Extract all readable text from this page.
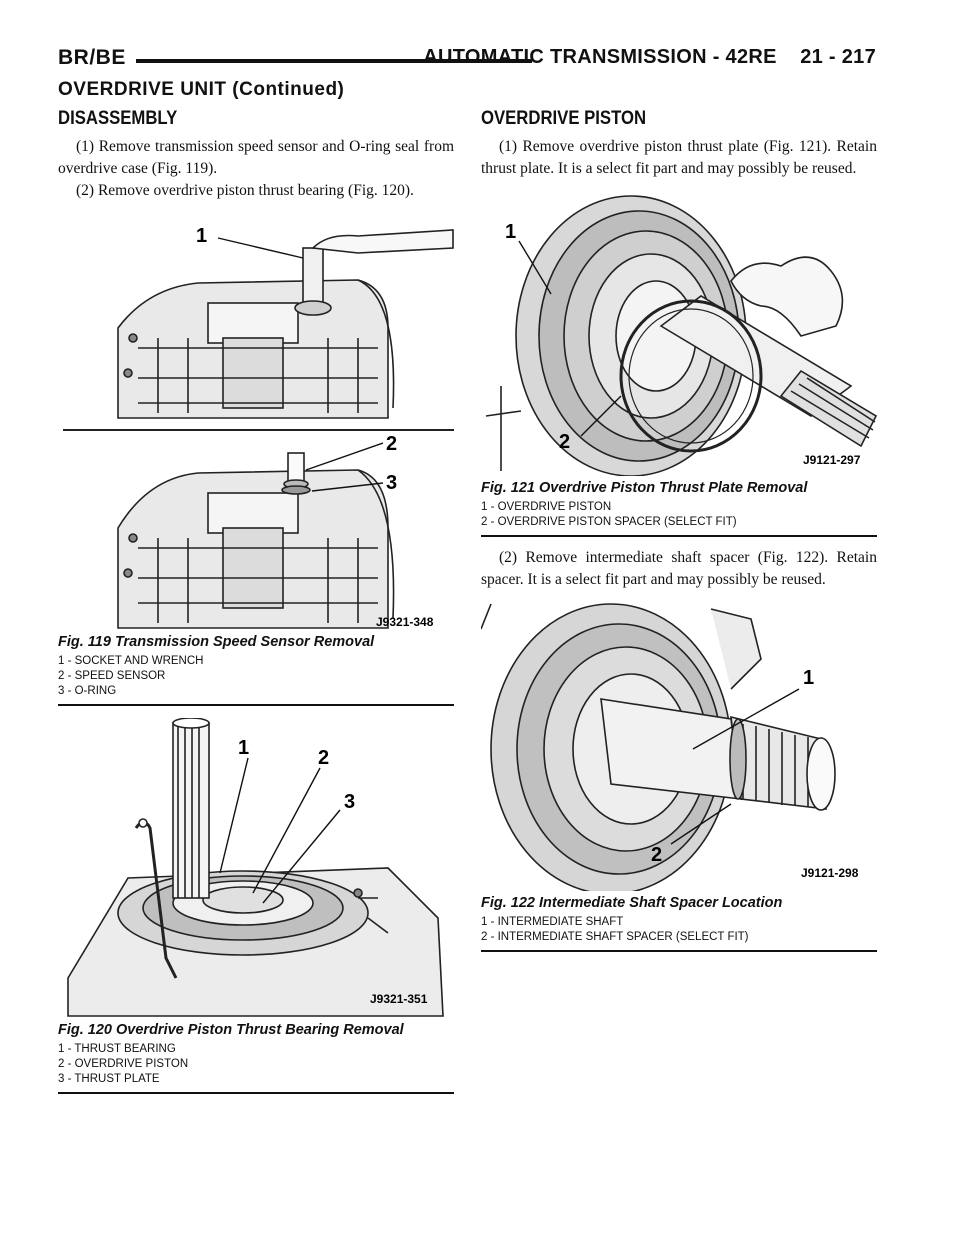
BR/BE	AUTOMATIC TRANSMISSION - 42RE    21 - 217
OVERDRIVE UNIT (Continued)
DISASSEMBLY

(1) Remove transmission speed sensor and O-ring seal from overdrive case (Fig. 119).

(2) Remove overdrive piston thrust bearing (Fig. 120).

1
2
3
J9321-348
Fig. 119 Transmission Speed Sensor Removal
1 - SOCKET AND WRENCH
2 - SPEED SENSOR
3 - O-RING
1	2
3
J9321-351
Fig. 120 Overdrive Piston Thrust Bearing Removal
1 - THRUST BEARING
2 - OVERDRIVE PISTON
3 - THRUST PLATE
OVERDRIVE PISTON

(1) Remove overdrive piston thrust plate (Fig. 121). Retain thrust plate. It is a select fit part and may possibly be reused.

1
2
J9121-297
Fig. 121 Overdrive Piston Thrust Plate Removal
1 - OVERDRIVE PISTON
2 - OVERDRIVE PISTON SPACER (SELECT FIT)

(2) Remove intermediate shaft spacer (Fig. 122). Retain spacer. It is a select fit part and may possibly be reused.

1
2
J9121-298
Fig. 122 Intermediate Shaft Spacer Location
1 - INTERMEDIATE SHAFT
2 - INTERMEDIATE SHAFT SPACER (SELECT FIT)
